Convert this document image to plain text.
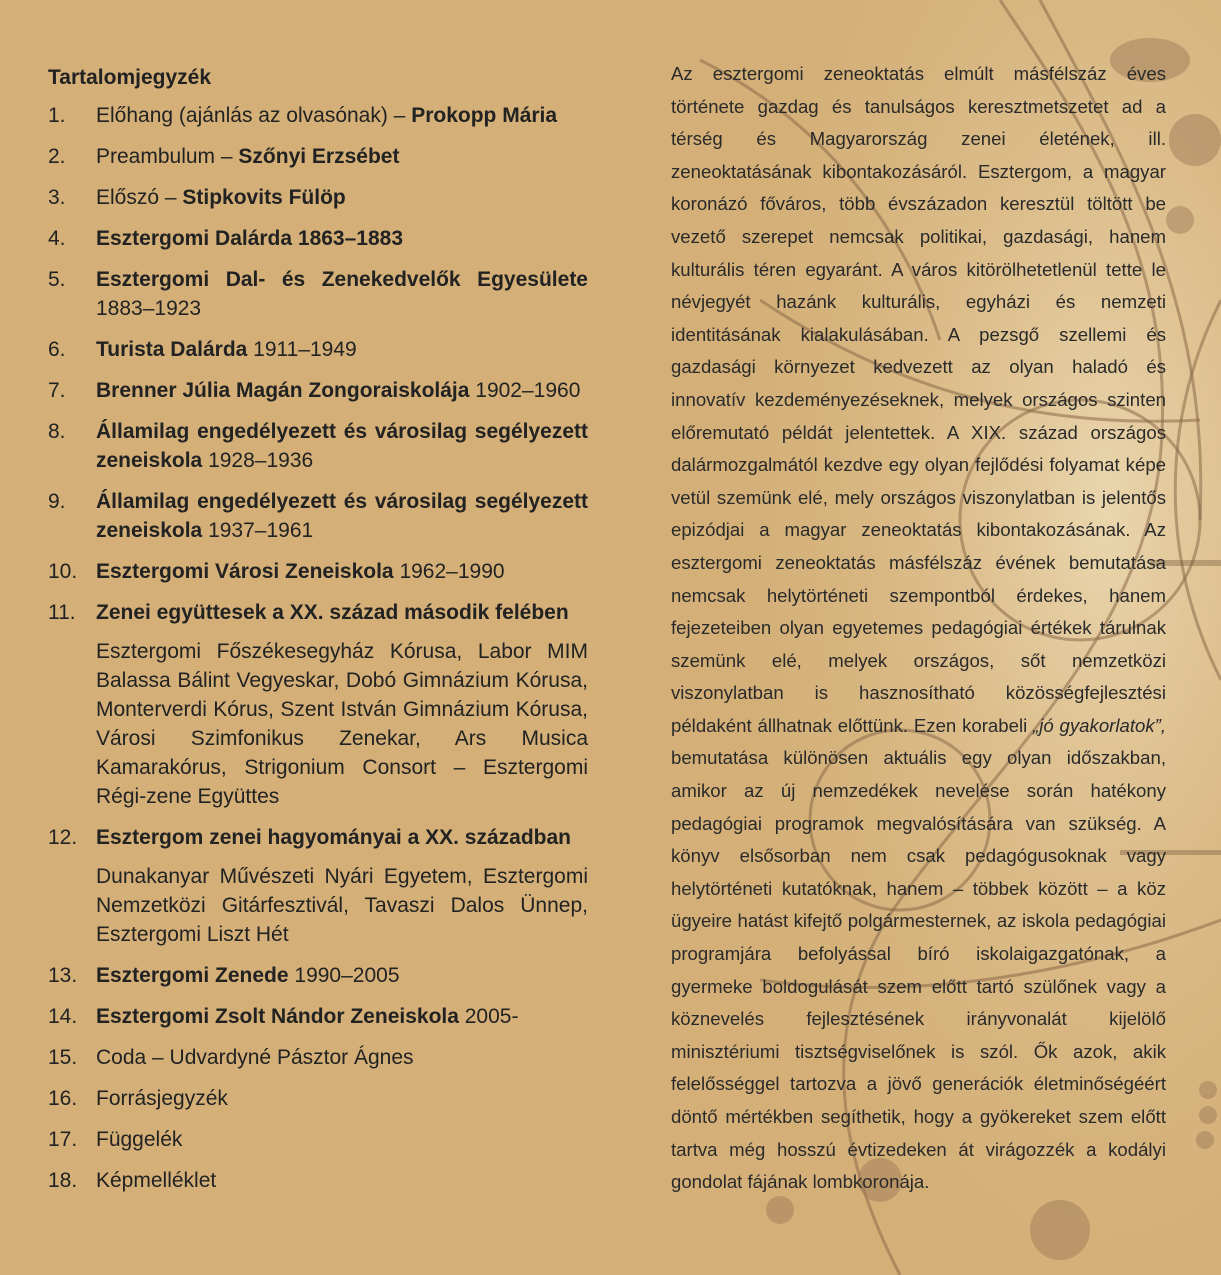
Tartalomjegyzék
1.	Előhang (ajánlás az olvasónak) – Prokopp Mária
2.	Preambulum – Szőnyi Erzsébet
3.	Előszó – Stipkovits Fülöp
4.	Esztergomi Dalárda 1863–1883
5.	Esztergomi Dal- és Zenekedvelők Egyesülete 1883–1923
6.	Turista Dalárda 1911–1949
7.	Brenner Júlia Magán Zongoraiskolája 1902–1960
8.	Államilag engedélyezett és városilag segélyezett zeneiskola 1928–1936
9.	Államilag engedélyezett és városilag segélyezett zeneiskola 1937–1961
10. Esztergomi Városi Zeneiskola 1962–1990
11. Zenei együttesek a XX. század második felében
Esztergomi Főszékesegyház Kórusa, Labor MIM Balassa Bálint Vegyeskar, Dobó Gimnázium Kórusa, Monterverdi Kórus, Szent István Gimnázium Kórusa, Városi Szimfonikus Zenekar, Ars Musica Kamarakórus, Strigonium Consort – Esztergomi Régi-zene Együttes
12. Esztergom zenei hagyományai a XX. században
Dunakanyar Művészeti Nyári Egyetem, Esztergomi Nemzetközi Gitárfesztivál, Tavaszi Dalos Ünnep, Esztergomi Liszt Hét
13. Esztergomi Zenede 1990–2005
14. Esztergomi Zsolt Nándor Zeneiskola 2005-
15. Coda – Udvardyné Pásztor Ágnes
16. Forrásjegyzék
17. Függelék
18. Képmelléklet
Az esztergomi zeneoktatás elmúlt másfélszáz éves története gazdag és tanulságos keresztmetszetet ad a térség és Magyarország zenei életének, ill. zeneoktatásának kibontakozásáról. Esztergom, a magyar koronázó főváros, több évszázadon keresztül töltött be vezető szerepet nemcsak politikai, gazdasági, hanem kulturális téren egyaránt. A város kitörölhetetlenül tette le névjegyét hazánk kulturális, egyházi és nemzeti identitásának kialakulásában. A pezsgő szellemi és gazdasági környezet kedvezett az olyan haladó és innovatív kezdeményezéseknek, melyek országos szinten előremutató példát jelentettek. A XIX. század országos dalármozgalmától kezdve egy olyan fejlődési folyamat képe vetül szemünk elé, mely országos viszonylatban is jelentős epizódjai a magyar zeneoktatás kibontakozásának. Az esztergomi zeneoktatás másfélszáz évének bemutatása nemcsak helytörténeti szempontból érdekes, hanem fejezeteiben olyan egyetemes pedagógiai értékek tárulnak szemünk elé, melyek országos, sőt nemzetközi viszonylatban is hasznosítható közösségfejlesztési példaként állhatnak előttünk. Ezen korabeli „jó gyakorlatok”, bemutatása különösen aktuális egy olyan időszakban, amikor az új nemzedékek nevelése során hatékony pedagógiai programok megvalósítására van szükség. A könyv elsősorban nem csak pedagógusoknak vagy helytörténeti kutatóknak, hanem – többek között – a köz ügyeire hatást kifejtő polgármesternek, az iskola pedagógiai programjára befolyással bíró iskolaigazgatónak, a gyermeke boldogulását szem előtt tartó szülőnek vagy a köznevelés fejlesztésének irányvonalát kijelölő minisztériumi tisztségviselőnek is szól. Ők azok, akik felelősséggel tartozva a jövő generációk életminőségéért döntő mértékben segíthetik, hogy a gyökereket szem előtt tartva még hosszú évtizedeken át virágozzék a kodályi gondolat fájának lombkoronája.
